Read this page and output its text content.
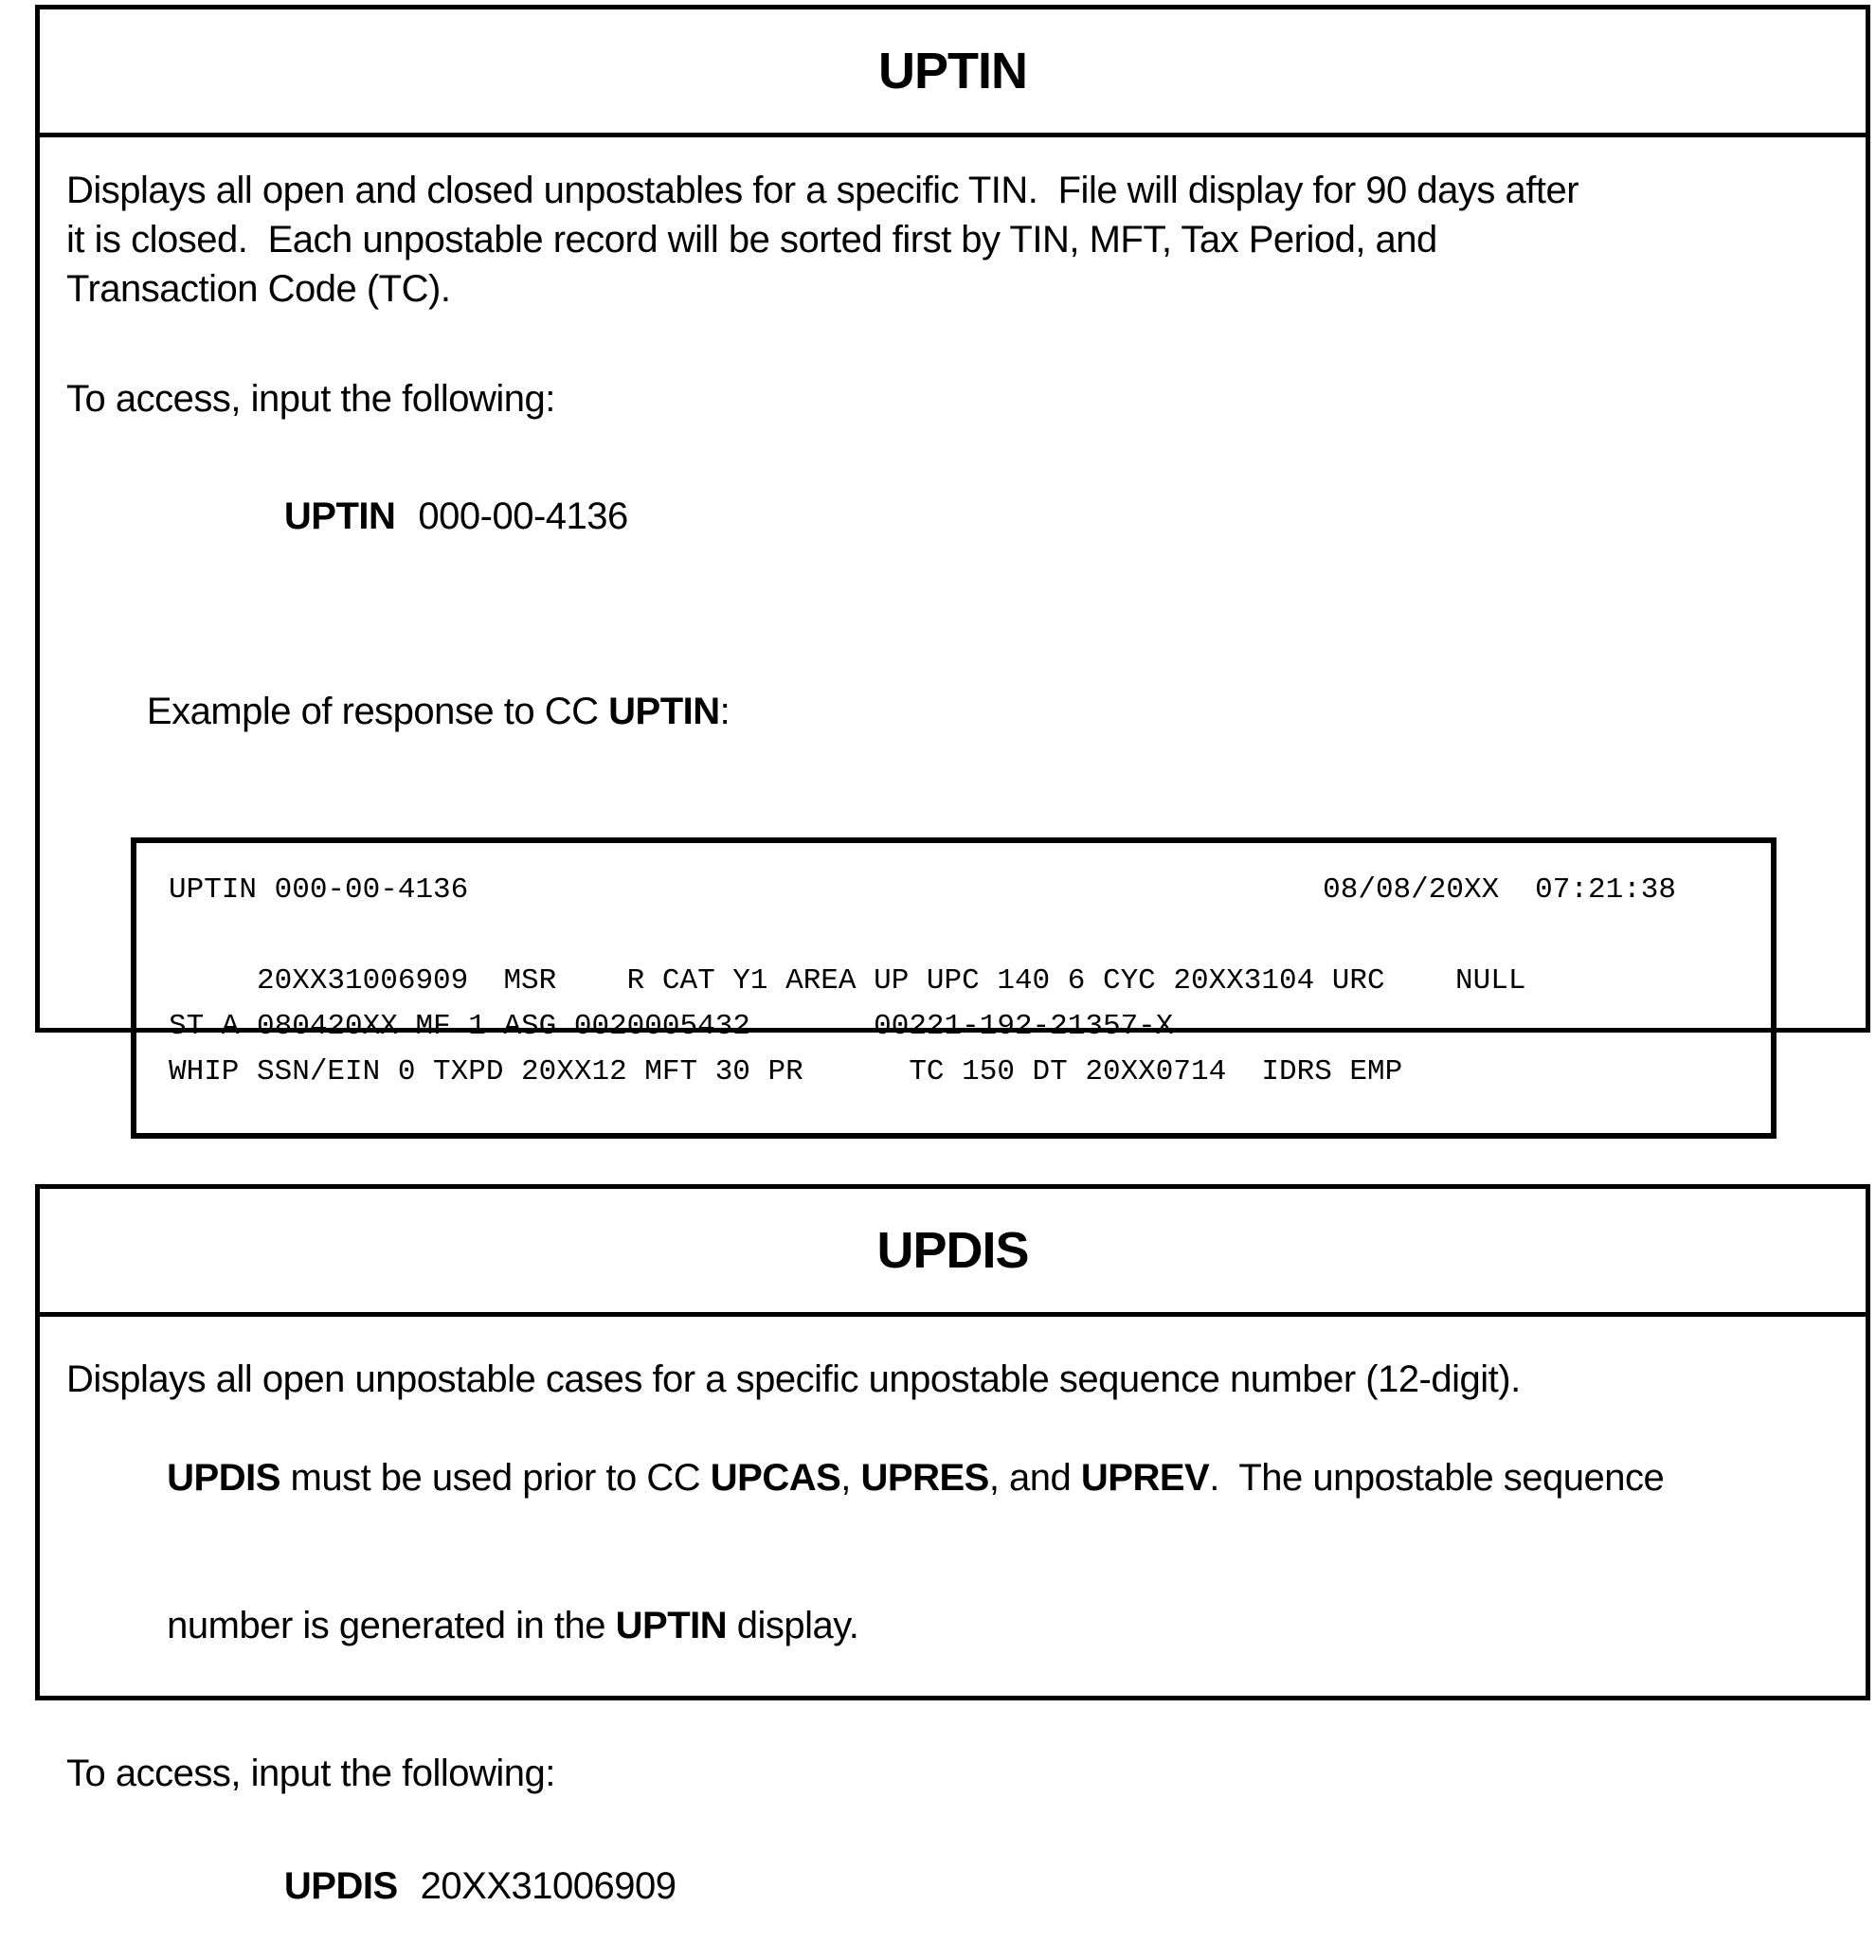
UPTIN
Displays all open and closed unpostables for a specific TIN.  File will display for 90 days after
it is closed.  Each unpostable record will be sorted first by TIN, MFT, Tax Period, and
Transaction Code (TC).
To access, input the following:

UPTIN 000-00-4136

Example of response to CC UPTIN:

UPTIN 000-00-4136	08/08/20XX 07:21:38
20XX31006909  MSR    R CAT Y1 AREA UP UPC 140 6 CYC 20XX3104 URC    NULL
ST A 080420XX MF 1 ASG 0020005432       00221-192-21357-X
WHIP SSN/EIN 0 TXPD 20XX12 MFT 30 PR      TC 150 DT 20XX0714  IDRS EMP
UPDIS
Displays all open unpostable cases for a specific unpostable sequence number (12-digit).

UPDIS must be used prior to CC UPCAS, UPRES, and UPREV.  The unpostable sequence

number is generated in the UPTIN display.

To access, input the following:

UPDIS 20XX31006909
